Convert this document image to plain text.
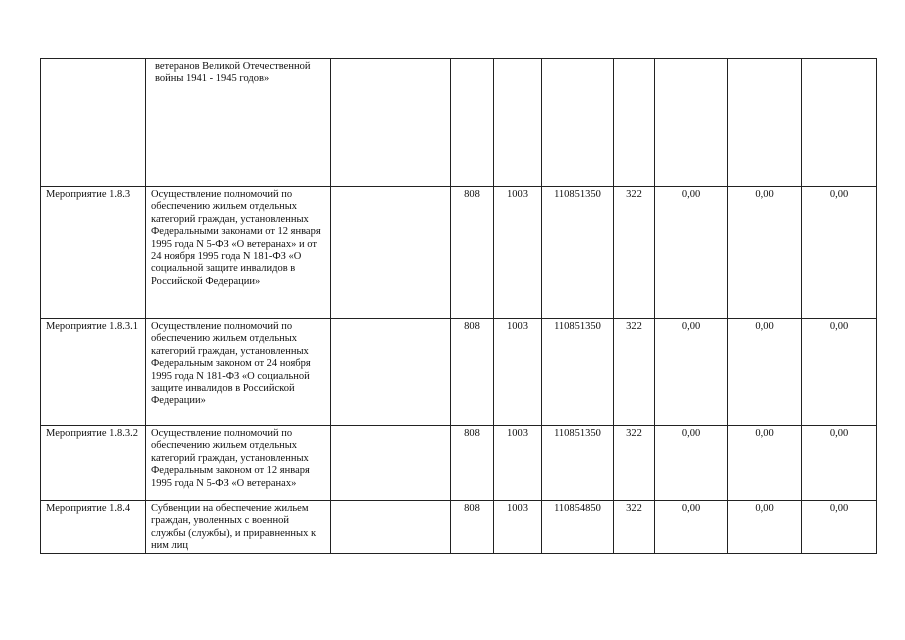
	ветеранов Великой Отечественной войны 1941 - 1945 годов»								
Мероприятие 1.8.3	Осуществление полномочий по обеспечению жильем отдельных категорий граждан, установленных Федеральными законами от 12 января 1995 года N 5-ФЗ «О ветеранах» и от 24 ноября 1995 года N 181-ФЗ «О социальной защите инвалидов в Российской Федерации»		808	1003	110851350	322	0,00	0,00	0,00
Мероприятие 1.8.3.1	Осуществление полномочий по обеспечению жильем отдельных категорий граждан, установленных Федеральным законом от 24 ноября 1995 года N 181-ФЗ «О социальной защите инвалидов в Российской Федерации»		808	1003	110851350	322	0,00	0,00	0,00
Мероприятие 1.8.3.2	Осуществление полномочий по обеспечению жильем отдельных категорий граждан, установленных Федеральным законом от 12 января 1995 года N 5-ФЗ «О ветеранах»		808	1003	110851350	322	0,00	0,00	0,00
Мероприятие 1.8.4	Субвенции на обеспечение жильем граждан, уволенных с военной службы (службы), и приравненных к ним лиц		808	1003	110854850	322	0,00	0,00	0,00
